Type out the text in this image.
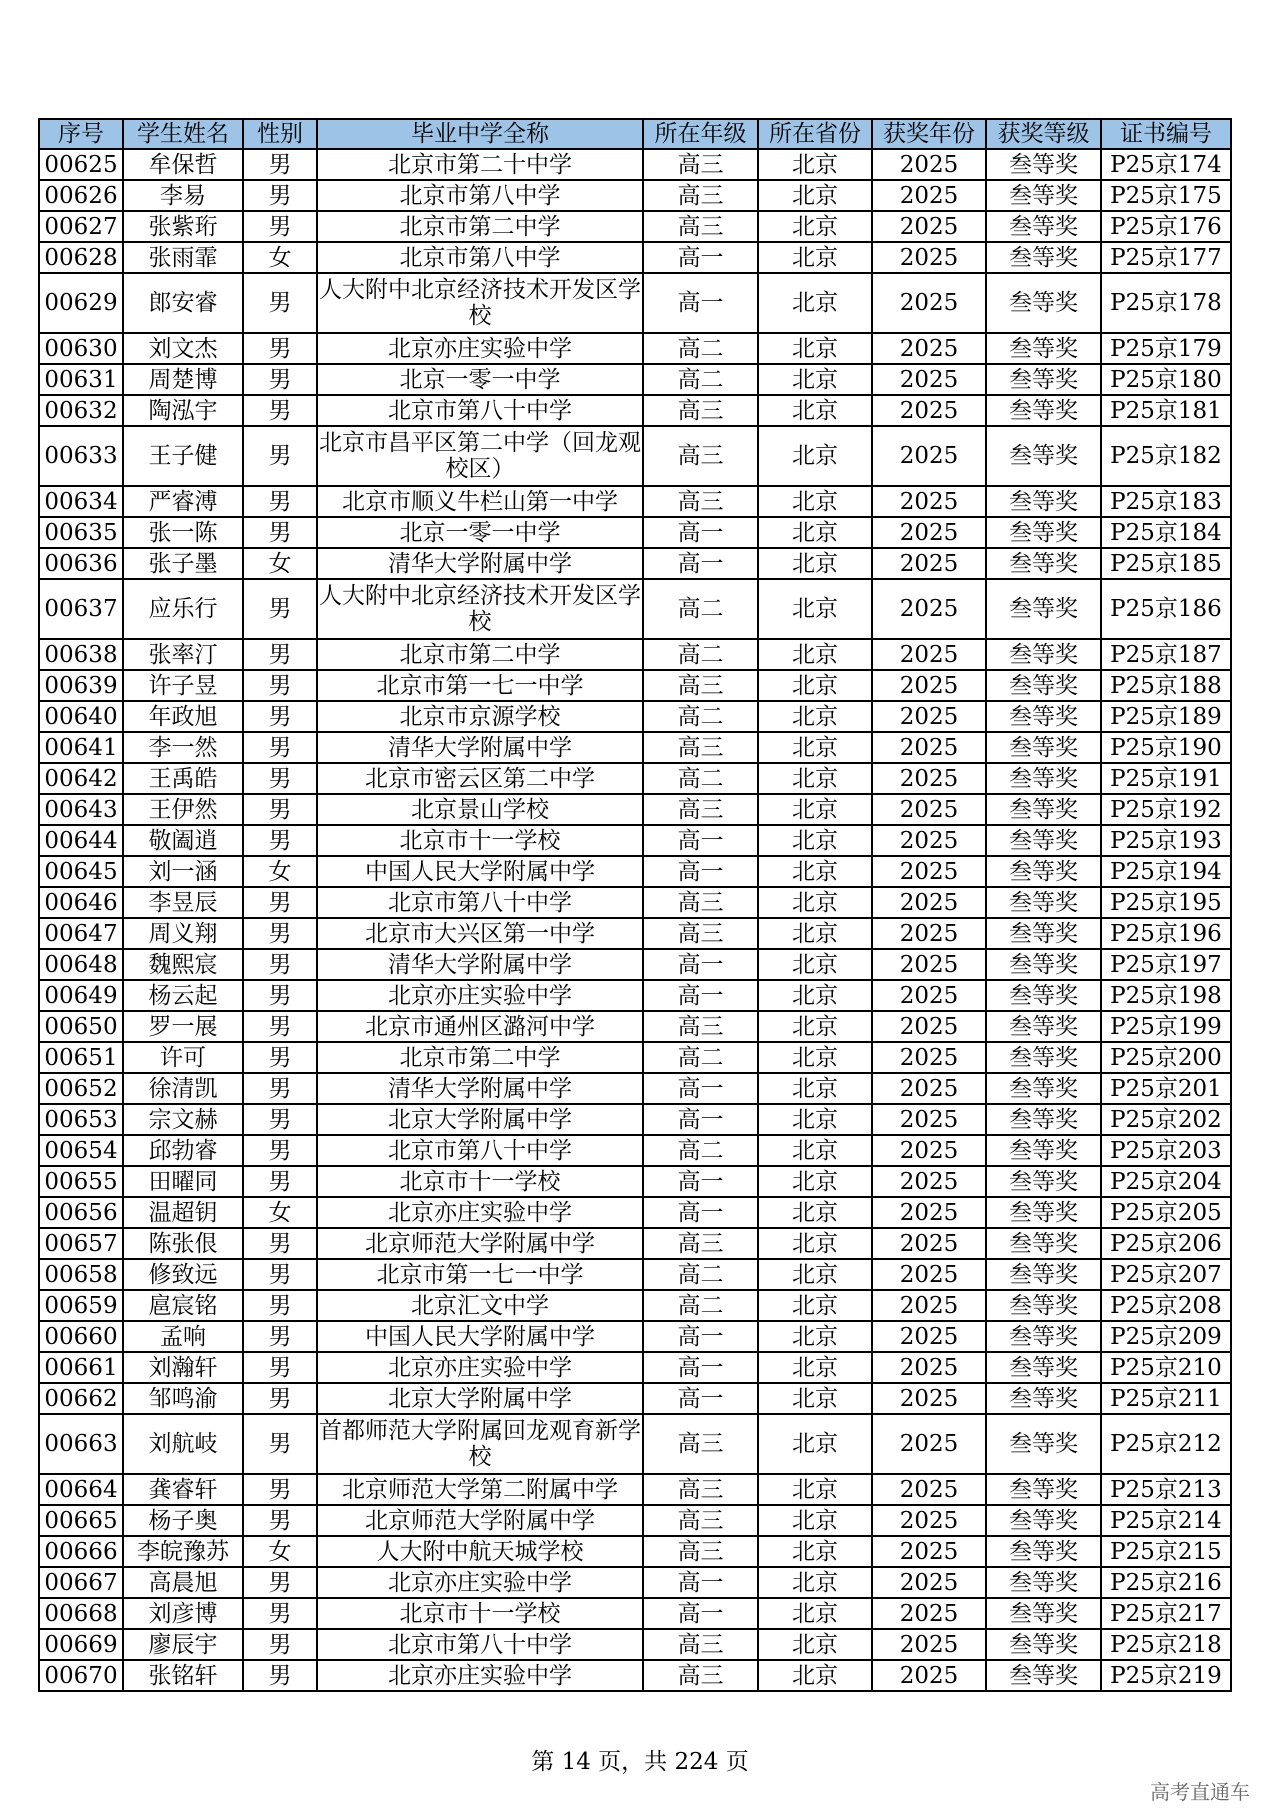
序号	学生姓名	性别	毕业中学全称	所在年级	所在省份	获奖年份	获奖等级	证书编号
00625	牟保哲	男	北京市第二十中学	高三	北京	2025	叁等奖	P25京174
00626	李易	男	北京市第八中学	高三	北京	2025	叁等奖	P25京175
00627	张紫珩	男	北京市第二中学	高三	北京	2025	叁等奖	P25京176
00628	张雨霏	女	北京市第八中学	高一	北京	2025	叁等奖	P25京177
00629	郎安睿	男	人大附中北京经济技术开发区学校	高一	北京	2025	叁等奖	P25京178
00630	刘文杰	男	北京亦庄实验中学	高二	北京	2025	叁等奖	P25京179
00631	周楚博	男	北京一零一中学	高二	北京	2025	叁等奖	P25京180
00632	陶泓宇	男	北京市第八十中学	高三	北京	2025	叁等奖	P25京181
00633	王子健	男	北京市昌平区第二中学（回龙观校区）	高三	北京	2025	叁等奖	P25京182
00634	严睿溥	男	北京市顺义牛栏山第一中学	高三	北京	2025	叁等奖	P25京183
00635	张一陈	男	北京一零一中学	高一	北京	2025	叁等奖	P25京184
00636	张子墨	女	清华大学附属中学	高一	北京	2025	叁等奖	P25京185
00637	应乐行	男	人大附中北京经济技术开发区学校	高二	北京	2025	叁等奖	P25京186
00638	张率汀	男	北京市第二中学	高二	北京	2025	叁等奖	P25京187
00639	许子昱	男	北京市第一七一中学	高三	北京	2025	叁等奖	P25京188
00640	年政旭	男	北京市京源学校	高二	北京	2025	叁等奖	P25京189
00641	李一然	男	清华大学附属中学	高三	北京	2025	叁等奖	P25京190
00642	王禹皓	男	北京市密云区第二中学	高二	北京	2025	叁等奖	P25京191
00643	王伊然	男	北京景山学校	高三	北京	2025	叁等奖	P25京192
00644	敬阖逍	男	北京市十一学校	高一	北京	2025	叁等奖	P25京193
00645	刘一涵	女	中国人民大学附属中学	高一	北京	2025	叁等奖	P25京194
00646	李昱辰	男	北京市第八十中学	高三	北京	2025	叁等奖	P25京195
00647	周义翔	男	北京市大兴区第一中学	高三	北京	2025	叁等奖	P25京196
00648	魏熙宸	男	清华大学附属中学	高一	北京	2025	叁等奖	P25京197
00649	杨云起	男	北京亦庄实验中学	高一	北京	2025	叁等奖	P25京198
00650	罗一展	男	北京市通州区潞河中学	高三	北京	2025	叁等奖	P25京199
00651	许可	男	北京市第二中学	高二	北京	2025	叁等奖	P25京200
00652	徐清凯	男	清华大学附属中学	高一	北京	2025	叁等奖	P25京201
00653	宗文赫	男	北京大学附属中学	高一	北京	2025	叁等奖	P25京202
00654	邱勃睿	男	北京市第八十中学	高二	北京	2025	叁等奖	P25京203
00655	田曜同	男	北京市十一学校	高一	北京	2025	叁等奖	P25京204
00656	温超钥	女	北京亦庄实验中学	高一	北京	2025	叁等奖	P25京205
00657	陈张佷	男	北京师范大学附属中学	高三	北京	2025	叁等奖	P25京206
00658	修致远	男	北京市第一七一中学	高二	北京	2025	叁等奖	P25京207
00659	扈宸铭	男	北京汇文中学	高二	北京	2025	叁等奖	P25京208
00660	孟响	男	中国人民大学附属中学	高一	北京	2025	叁等奖	P25京209
00661	刘瀚轩	男	北京亦庄实验中学	高一	北京	2025	叁等奖	P25京210
00662	邹鸣渝	男	北京大学附属中学	高一	北京	2025	叁等奖	P25京211
00663	刘航岐	男	首都师范大学附属回龙观育新学校	高三	北京	2025	叁等奖	P25京212
00664	龚睿轩	男	北京师范大学第二附属中学	高三	北京	2025	叁等奖	P25京213
00665	杨子奥	男	北京师范大学附属中学	高三	北京	2025	叁等奖	P25京214
00666	李皖豫苏	女	人大附中航天城学校	高三	北京	2025	叁等奖	P25京215
00667	高晨旭	男	北京亦庄实验中学	高一	北京	2025	叁等奖	P25京216
00668	刘彦博	男	北京市十一学校	高一	北京	2025	叁等奖	P25京217
00669	廖辰宇	男	北京市第八十中学	高三	北京	2025	叁等奖	P25京218
00670	张铭轩	男	北京亦庄实验中学	高三	北京	2025	叁等奖	P25京219
第 14 页，共 224 页
高考直通车
